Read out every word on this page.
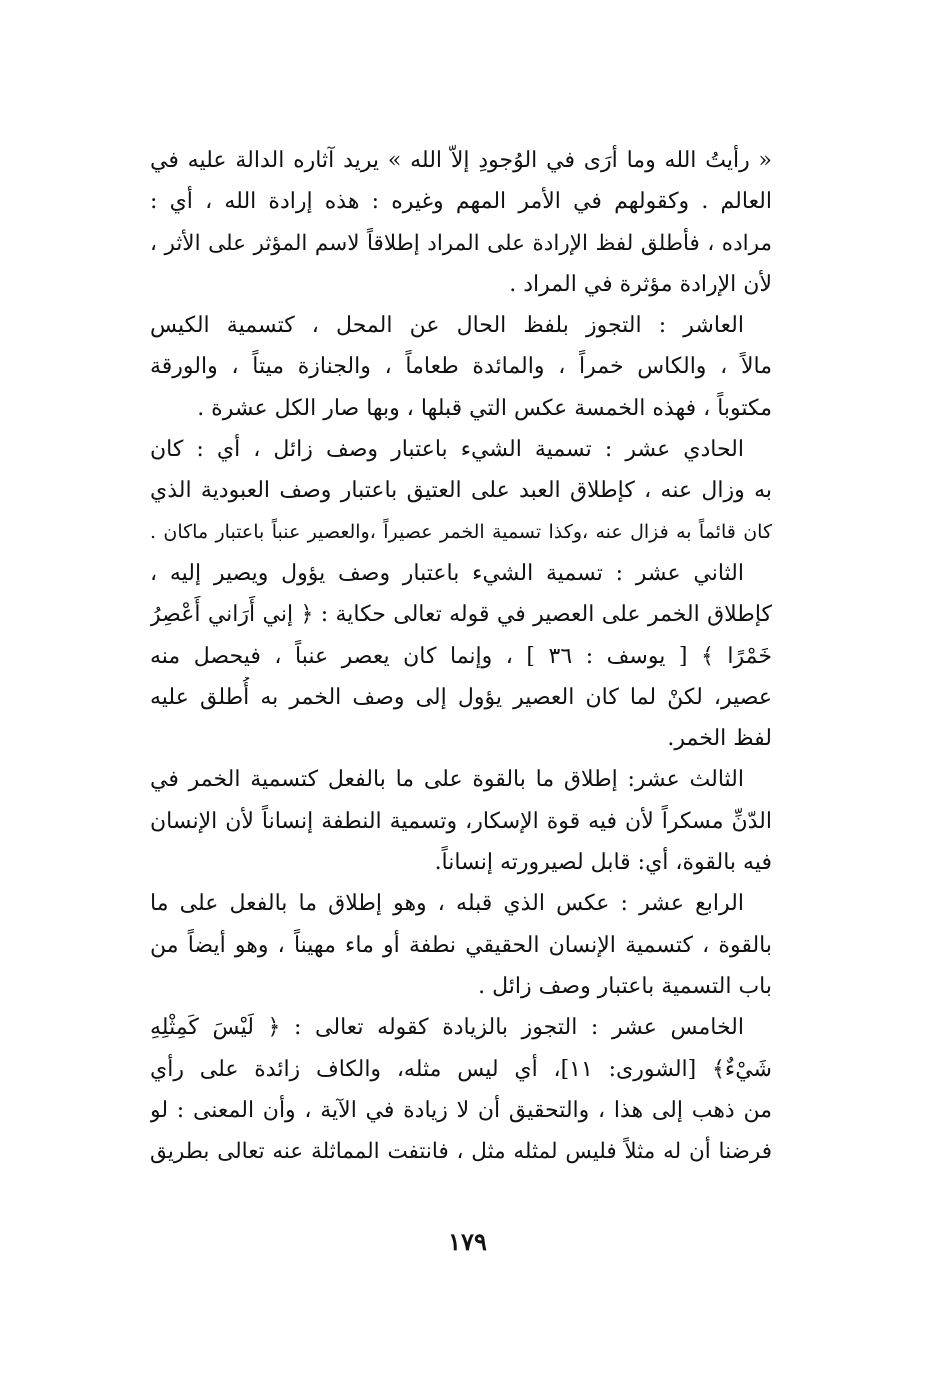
« رأيتُ الله وما أرَى في الوُجودِ إلاّ الله » يريد آثاره الدالة عليه في
العالم . وكقولهم في الأمر المهم وغيره : هذه إرادة الله ، أي :
مراده ، فأطلق لفظ الإرادة على المراد إطلاقاً لاسم المؤثر على الأثر ،
لأن الإرادة مؤثرة في المراد .
العاشر : التجوز بلفظ الحال عن المحل ، كتسمية الكيس
مالاً ، والكاس خمراً ، والمائدة طعاماً ، والجنازة ميتاً ، والورقة
مكتوباً ، فهذه الخمسة عكس التي قبلها ، وبها صار الكل عشرة .
الحادي عشر : تسمية الشيء باعتبار وصف زائل ، أي : كان
به وزال عنه ، كإطلاق العبد على العتيق باعتبار وصف العبودية الذي
كان قائماً به فزال عنه ،وكذا تسمية الخمر عصيراً ،والعصير عنباً باعتبار ماكان .
الثاني عشر : تسمية الشيء باعتبار وصف يؤول ويصير إليه ،
كإطلاق الخمر على العصير في قوله تعالى حكاية : ﴿ إني أَرَاني أَعْصِرُ
خَمْرًا ﴾ [ يوسف : ٣٦ ] ، وإنما كان يعصر عنباً ، فيحصل منه
عصير، لكنْ لما كان العصير يؤول إلى وصف الخمر به أُطلق عليه
لفظ الخمر.
الثالث عشر: إطلاق ما بالقوة على ما بالفعل كتسمية الخمر في
الدّنِّ مسكراً لأن فيه قوة الإسكار، وتسمية النطفة إنساناً لأن الإنسان
فيه بالقوة، أي: قابل لصيرورته إنساناً.
الرابع عشر : عكس الذي قبله ، وهو إطلاق ما بالفعل على ما
بالقوة ، كتسمية الإنسان الحقيقي نطفة أو ماء مهيناً ، وهو أيضاً من
باب التسمية باعتبار وصف زائل .
الخامس عشر : التجوز بالزيادة كقوله تعالى : ﴿ لَيْسَ كَمِثْلِهِ
شَيْءٌ﴾ [الشورى: ١١]، أي ليس مثله، والكاف زائدة على رأي
من ذهب إلى هذا ، والتحقيق أن لا زيادة في الآية ، وأن المعنى : لو
فرضنا أن له مثلاً فليس لمثله مثل ، فانتفت المماثلة عنه تعالى بطريق
١٧٩
